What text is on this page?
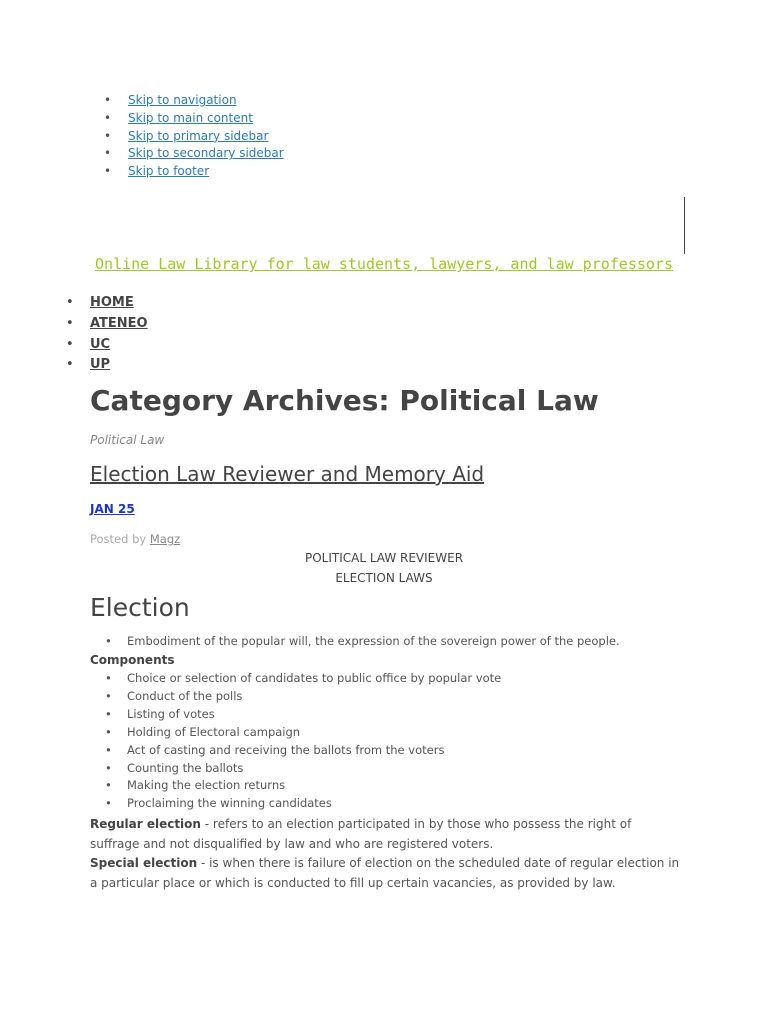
• Skip to navigation
• Skip to main content
• Skip to primary sidebar
• Skip to secondary sidebar
• Skip to footer
Online Law Library for law students, lawyers, and law professors
• HOME
• ATENEO
• UC
• UP
Category Archives: Political Law
Political Law
Election Law Reviewer and Memory Aid
JAN 25
Posted by Magz
POLITICAL LAW REVIEWER
ELECTION LAWS
Election
• Embodiment of the popular will, the expression of the sovereign power of the people.
Components
• Choice or selection of candidates to public office by popular vote
• Conduct of the polls
• Listing of votes
• Holding of Electoral campaign
• Act of casting and receiving the ballots from the voters
• Counting the ballots
• Making the election returns
• Proclaiming the winning candidates

Regular election - refers to an election participated in by those who possess the right of suffrage and not disqualified by law and who are registered voters.

Special election - is when there is failure of election on the scheduled date of regular election in a particular place or which is conducted to fill up certain vacancies, as provided by law.
